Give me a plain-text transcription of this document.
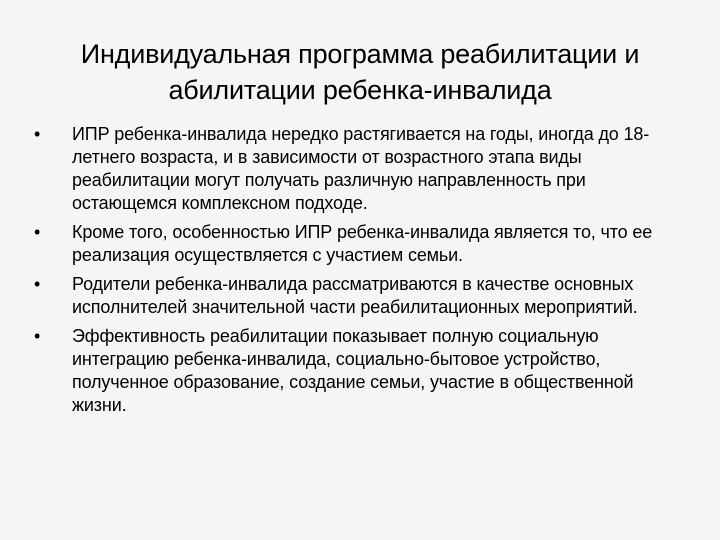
Индивидуальная программа реабилитации и абилитации ребенка-инвалида
• ИПР ребенка-инвалида нередко растягивается на годы, иногда до 18-летнего возраста, и в зависимости от возрастного этапа виды реабилитации могут получать различную направленность при остающемся комплексном подходе.
• Кроме того, особенностью ИПР ребенка-инвалида является то, что ее реализация осуществляется с участием семьи.
• Родители ребенка-инвалида рассматриваются в качестве основных исполнителей значительной части реабилитационных мероприятий.
• Эффективность реабилитации показывает полную социальную интеграцию ребенка-инвалида, социально-бытовое устройство, полученное образование, создание семьи, участие в общественной жизни.
